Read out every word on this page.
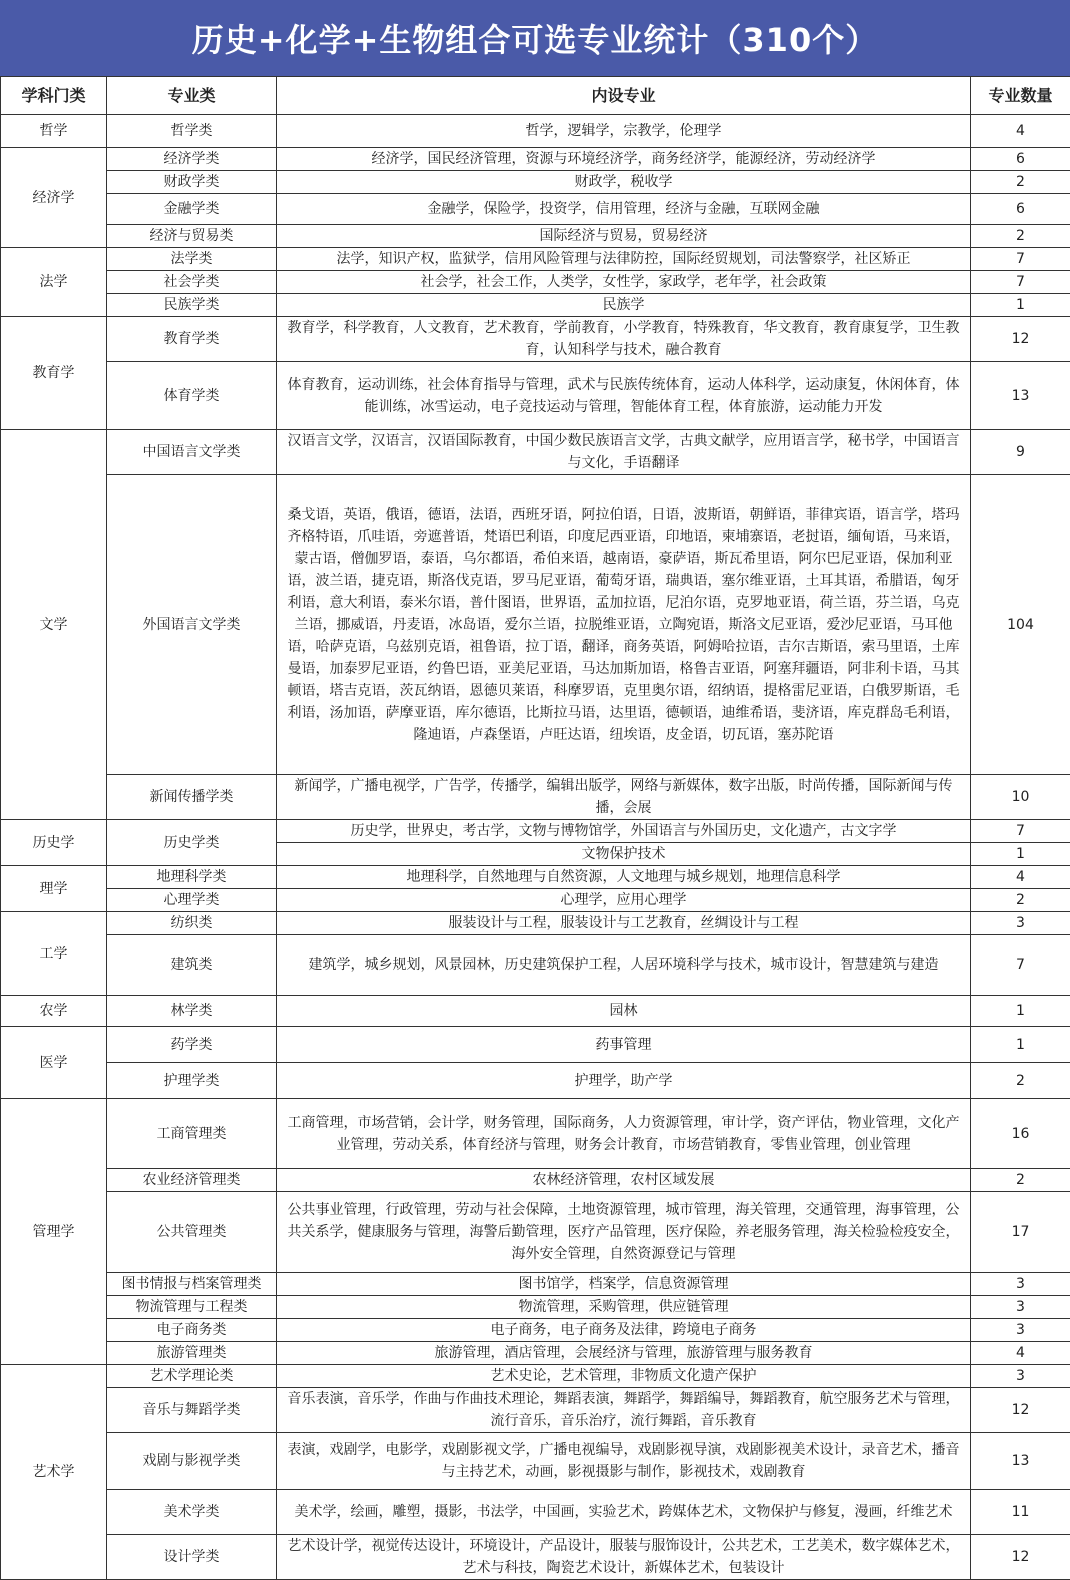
历史+化学+生物组合可选专业统计（310个）
学科门类	专业类	内设专业	专业数量
哲学	哲学类	哲学，逻辑学，宗教学，伦理学	4
经济学	经济学类	经济学，国民经济管理，资源与环境经济学，商务经济学，能源经济，劳动经济学	6
	财政学类	财政学，税收学	2
	金融学类	金融学，保险学，投资学，信用管理，经济与金融，互联网金融	6
	经济与贸易类	国际经济与贸易，贸易经济	2
法学	法学类	法学，知识产权，监狱学，信用风险管理与法律防控，国际经贸规划，司法警察学，社区矫正	7
	社会学类	社会学，社会工作，人类学，女性学，家政学，老年学，社会政策	7
	民族学类	民族学	1
教育学	教育学类	教育学，科学教育，人文教育，艺术教育，学前教育，小学教育，特殊教育，华文教育，教育康复学，卫生教育，认知科学与技术，融合教育	12
	体育学类	体育教育，运动训练，社会体育指导与管理，武术与民族传统体育，运动人体科学，运动康复，休闲体育，体能训练，冰雪运动，电子竞技运动与管理，智能体育工程，体育旅游，运动能力开发	13
文学	中国语言文学类	汉语言文学，汉语言，汉语国际教育，中国少数民族语言文学，古典文献学，应用语言学，秘书学，中国语言与文化，手语翻译	9
	外国语言文学类	桑戈语，英语，俄语，德语，法语，西班牙语，阿拉伯语，日语，波斯语，朝鲜语，菲律宾语，语言学，塔玛齐格特语，爪哇语，旁遮普语，梵语巴利语，印度尼西亚语，印地语，柬埔寨语，老挝语，缅甸语，马来语，蒙古语，僧伽罗语，泰语，乌尔都语，希伯来语，越南语，豪萨语，斯瓦希里语，阿尔巴尼亚语，保加利亚语，波兰语，捷克语，斯洛伐克语，罗马尼亚语，葡萄牙语，瑞典语，塞尔维亚语，土耳其语，希腊语，匈牙利语，意大利语，泰米尔语，普什图语，世界语，孟加拉语，尼泊尔语，克罗地亚语，荷兰语，芬兰语，乌克兰语，挪威语，丹麦语，冰岛语，爱尔兰语，拉脱维亚语，立陶宛语，斯洛文尼亚语，爱沙尼亚语，马耳他语，哈萨克语，乌兹别克语，祖鲁语，拉丁语，翻译，商务英语，阿姆哈拉语，吉尔吉斯语，索马里语，土库曼语，加泰罗尼亚语，约鲁巴语，亚美尼亚语，马达加斯加语，格鲁吉亚语，阿塞拜疆语，阿非利卡语，马其顿语，塔吉克语，茨瓦纳语，恩德贝莱语，科摩罗语，克里奥尔语，绍纳语，提格雷尼亚语，白俄罗斯语，毛利语，汤加语，萨摩亚语，库尔德语，比斯拉马语，达里语，德顿语，迪维希语，斐济语，库克群岛毛利语，隆迪语，卢森堡语，卢旺达语，纽埃语，皮金语，切瓦语，塞苏陀语	104
	新闻传播学类	新闻学，广播电视学，广告学，传播学，编辑出版学，网络与新媒体，数字出版，时尚传播，国际新闻与传播，会展	10
历史学	历史学类	历史学，世界史，考古学，文物与博物馆学，外国语言与外国历史，文化遗产，古文字学	7
		文物保护技术	1
理学	地理科学类	地理科学，自然地理与自然资源，人文地理与城乡规划，地理信息科学	4
	心理学类	心理学，应用心理学	2
工学	纺织类	服装设计与工程，服装设计与工艺教育，丝绸设计与工程	3
	建筑类	建筑学，城乡规划，风景园林，历史建筑保护工程，人居环境科学与技术，城市设计，智慧建筑与建造	7
农学	林学类	园林	1
医学	药学类	药事管理	1
	护理学类	护理学，助产学	2
管理学	工商管理类	工商管理，市场营销，会计学，财务管理，国际商务，人力资源管理，审计学，资产评估，物业管理，文化产业管理，劳动关系，体育经济与管理，财务会计教育，市场营销教育，零售业管理，创业管理	16
	农业经济管理类	农林经济管理，农村区域发展	2
	公共管理类	公共事业管理，行政管理，劳动与社会保障，土地资源管理，城市管理，海关管理，交通管理，海事管理，公共关系学，健康服务与管理，海警后勤管理，医疗产品管理，医疗保险，养老服务管理，海关检验检疫安全，海外安全管理，自然资源登记与管理	17
	图书情报与档案管理类	图书馆学，档案学，信息资源管理	3
	物流管理与工程类	物流管理，采购管理，供应链管理	3
	电子商务类	电子商务，电子商务及法律，跨境电子商务	3
	旅游管理类	旅游管理，酒店管理，会展经济与管理，旅游管理与服务教育	4
艺术学	艺术学理论类	艺术史论，艺术管理，非物质文化遗产保护	3
	音乐与舞蹈学类	音乐表演，音乐学，作曲与作曲技术理论，舞蹈表演，舞蹈学，舞蹈编导，舞蹈教育，航空服务艺术与管理，流行音乐，音乐治疗，流行舞蹈，音乐教育	12
	戏剧与影视学类	表演，戏剧学，电影学，戏剧影视文学，广播电视编导，戏剧影视导演，戏剧影视美术设计，录音艺术，播音与主持艺术，动画，影视摄影与制作，影视技术，戏剧教育	13
	美术学类	美术学，绘画，雕塑，摄影，书法学，中国画，实验艺术，跨媒体艺术，文物保护与修复，漫画，纤维艺术	11
	设计学类	艺术设计学，视觉传达设计，环境设计，产品设计，服装与服饰设计，公共艺术，工艺美术，数字媒体艺术，艺术与科技，陶瓷艺术设计，新媒体艺术，包装设计	12
